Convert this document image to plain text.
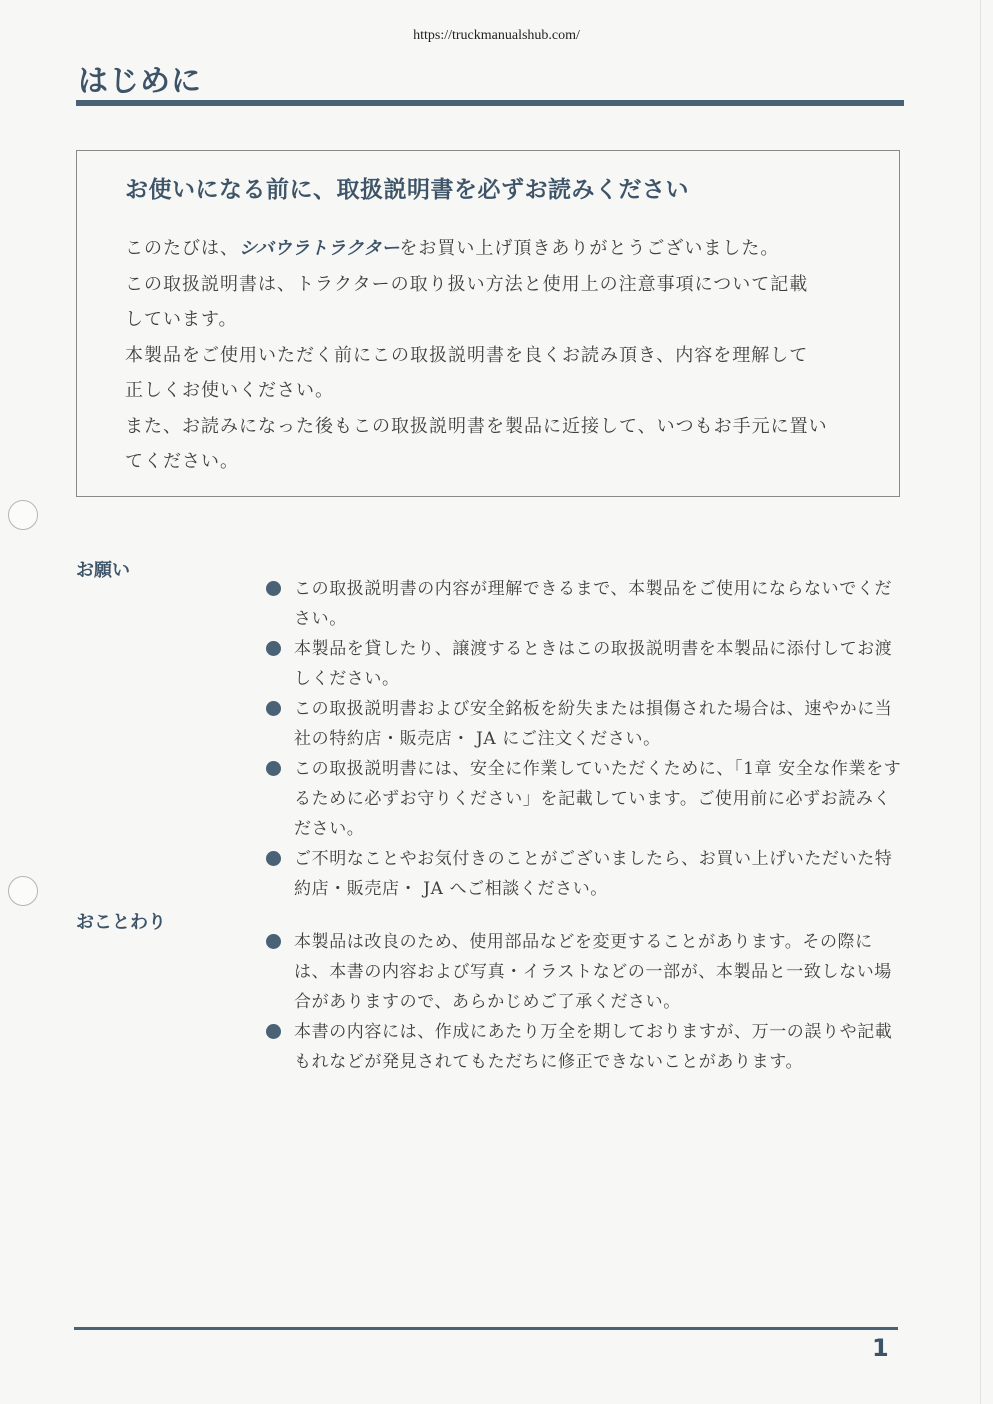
https://truckmanualshub.com/
はじめに
お使いになる前に、取扱説明書を必ずお読みください
このたびは、シバウラトラクターをお買い上げ頂きありがとうございました。
この取扱説明書は、トラクターの取り扱い方法と使用上の注意事項について記載
しています。
本製品をご使用いただく前にこの取扱説明書を良くお読み頂き、内容を理解して
正しくお使いください。
また、お読みになった後もこの取扱説明書を製品に近接して、いつもお手元に置い
てください。
お願い
この取扱説明書の内容が理解できるまで、本製品をご使用にならないでください。
本製品を貸したり、譲渡するときはこの取扱説明書を本製品に添付してお渡しください。
この取扱説明書および安全銘板を紛失または損傷された場合は、速やかに当社の特約店・販売店・ JA にご注文ください。
この取扱説明書には、安全に作業していただくために、「1章 安全な作業をするために必ずお守りください」を記載しています。ご使用前に必ずお読みください。
ご不明なことやお気付きのことがございましたら、お買い上げいただいた特約店・販売店・ JA へご相談ください。
おことわり
本製品は改良のため、使用部品などを変更することがあります。その際には、本書の内容および写真・イラストなどの一部が、本製品と一致しない場合がありますので、あらかじめご了承ください。
本書の内容には、作成にあたり万全を期しておりますが、万一の誤りや記載もれなどが発見されてもただちに修正できないことがあります。
1
